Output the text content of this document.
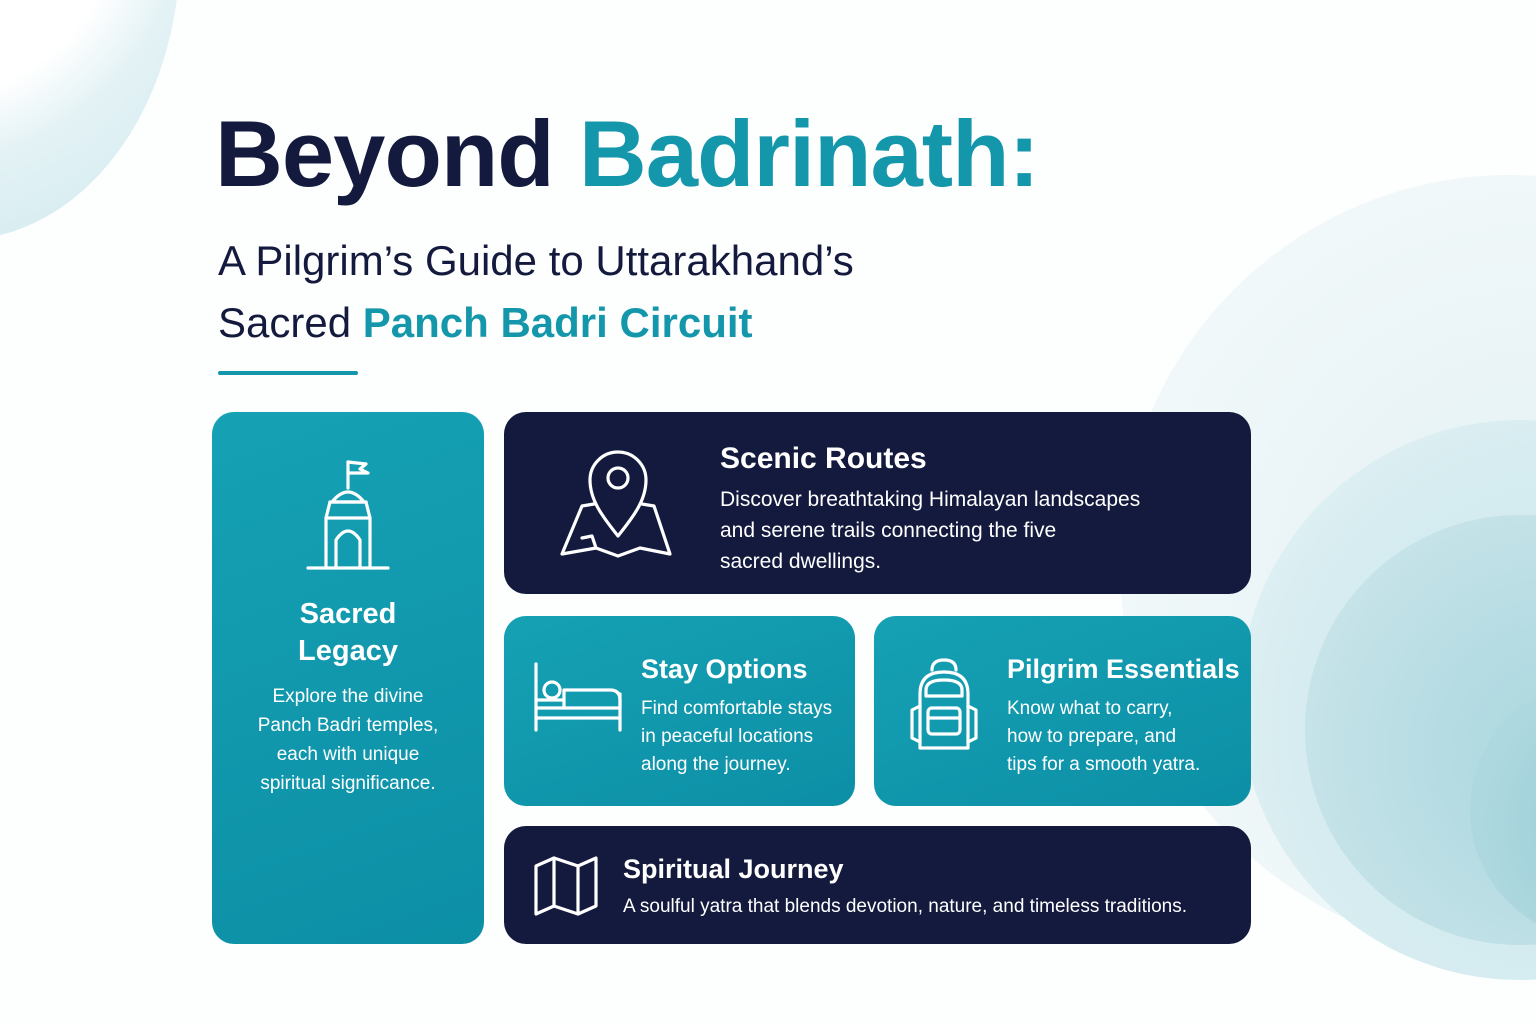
Beyond Badrinath:
A Pilgrim’s Guide to Uttarakhand’s
Sacred Panch Badri Circuit
Sacred
Legacy

Explore the divine
Panch Badri temples,
each with unique
spiritual significance.

Scenic Routes

Discover breathtaking Himalayan landscapes
and serene trails connecting the five
sacred dwellings.

Stay Options

Find comfortable stays
in peaceful locations
along the journey.

Pilgrim Essentials

Know what to carry,
how to prepare, and
tips for a smooth yatra.

Spiritual Journey

A soulful yatra that blends devotion, nature, and timeless traditions.
